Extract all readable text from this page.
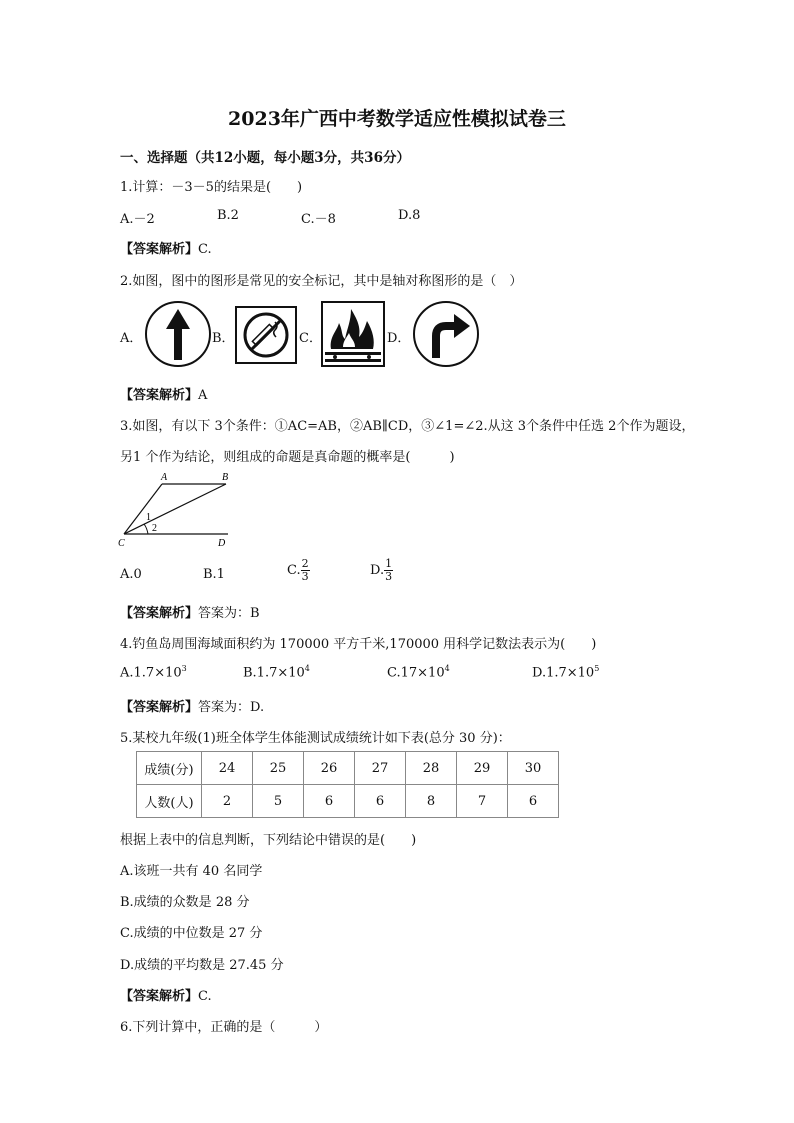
2023年广西中考数学适应性模拟试卷三
一、选择题（共12小题，每小题3分，共36分）
1.计算：－3－5的结果是(　　)
A.－2	B.2	C.－8	D.8
【答案解析】C.
2.如图，图中的图形是常见的安全标记，其中是轴对称图形的是（　）
A．	B．	C．	D．
【答案解析】A
3.如图，有以下 3个条件：①AC=AB，②AB∥CD，③∠1=∠2.从这 3个条件中任选 2个作为题设，
另1 个作为结论，则组成的命题是真命题的概率是(　　　)
A	B
C	D
1
2
A.0	B.1	C. $\frac{2}{3}$	D. $\frac{1}{3}$
【答案解析】答案为：B
4.钓鱼岛周围海域面积约为 170000 平方千米,170000 用科学记数法表示为(　　)
$A.1.7\times 10^3$	$B.1.7\times 10^4$	$C.17\times 10^4$	$D.1.7\times 10^5$
【答案解析】答案为：D.
5.某校九年级(1)班全体学生体能测试成绩统计如下表(总分 30 分)：
成绩(分)	24	25	26	27	28	29	30
人数(人)	2	5	6	6	8	7	6
根据上表中的信息判断，下列结论中错误的是(　　)
A.该班一共有 40 名同学
B.成绩的众数是 28 分
C.成绩的中位数是 27 分
D.成绩的平均数是 27.45 分
【答案解析】C.
6.下列计算中，正确的是（　　　）
